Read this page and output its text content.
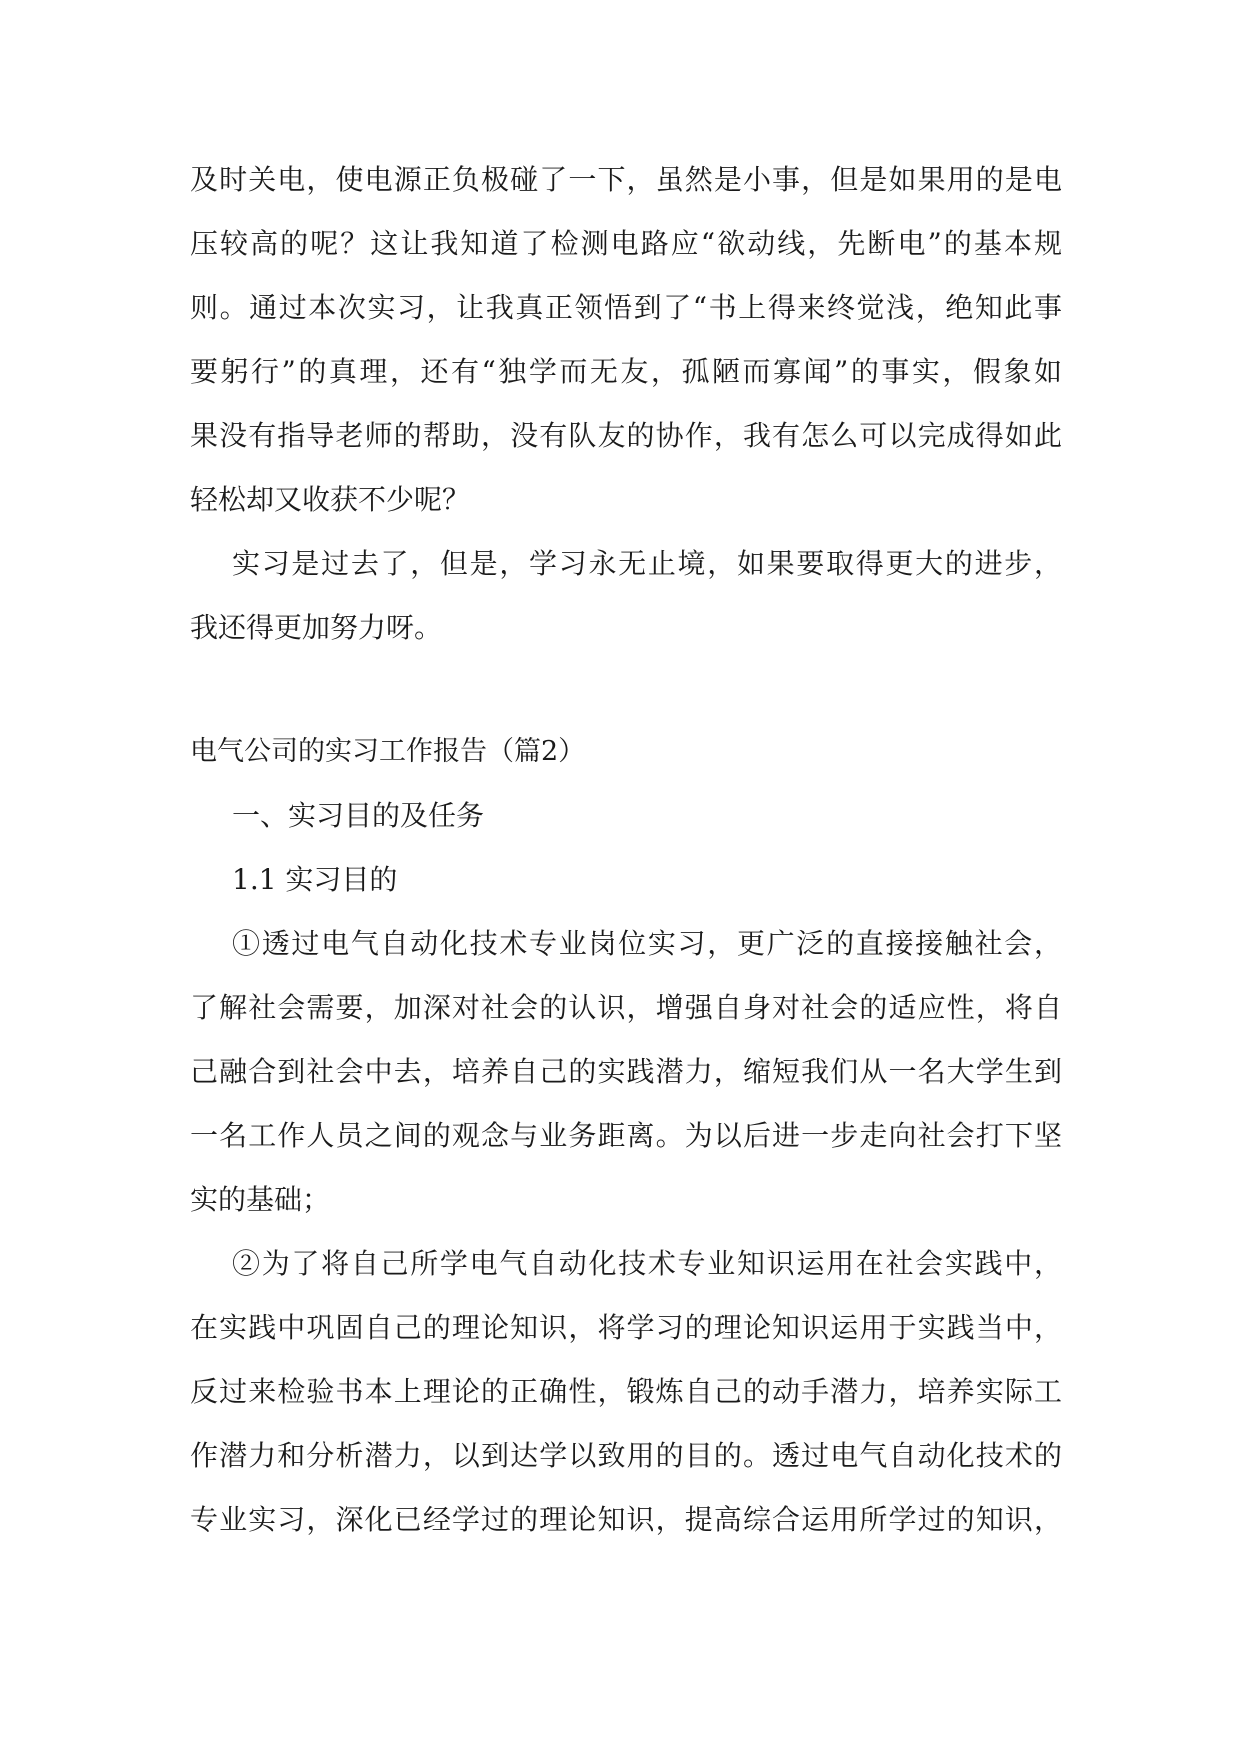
及时关电，使电源正负极碰了一下，虽然是小事，但是如果用的是电
压较高的呢？这让我知道了检测电路应“欲动线，先断电”的基本规
则。通过本次实习，让我真正领悟到了“书上得来终觉浅，绝知此事
要躬行”的真理，还有“独学而无友，孤陋而寡闻”的事实，假象如
果没有指导老师的帮助，没有队友的协作，我有怎么可以完成得如此
轻松却又收获不少呢？
实习是过去了，但是，学习永无止境，如果要取得更大的进步，
我还得更加努力呀。
电气公司的实习工作报告（篇2）
一、实习目的及任务
1.1 实习目的
①透过电气自动化技术专业岗位实习，更广泛的直接接触社会，
了解社会需要，加深对社会的认识，增强自身对社会的适应性，将自
己融合到社会中去，培养自己的实践潜力，缩短我们从一名大学生到
一名工作人员之间的观念与业务距离。为以后进一步走向社会打下坚
实的基础；
②为了将自己所学电气自动化技术专业知识运用在社会实践中，
在实践中巩固自己的理论知识，将学习的理论知识运用于实践当中，
反过来检验书本上理论的正确性，锻炼自己的动手潜力，培养实际工
作潜力和分析潜力，以到达学以致用的目的。透过电气自动化技术的
专业实习，深化已经学过的理论知识，提高综合运用所学过的知识，
